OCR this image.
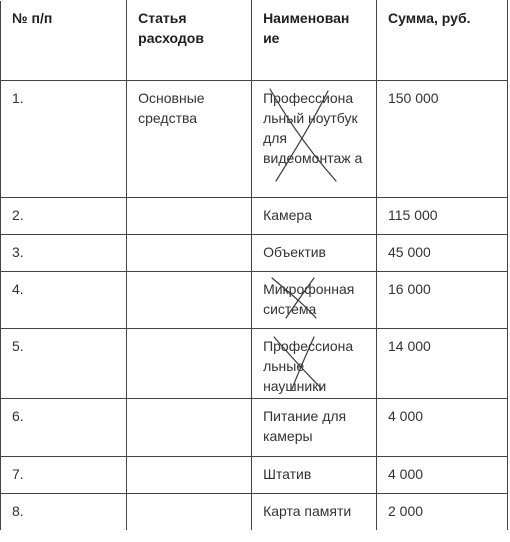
№ п/п	Статья расходов	Наименован ие	Сумма, руб.
1.	Основные средства	Профессиона льный ноутбук для видеомонтаж а	150 000
2.		Камера	115 000
3.		Объектив	45 000
4.		Микрофонная система	16 000
5.		Профессиона льные наушники	14 000
6.		Питание для камеры	4 000
7.		Штатив	4 000
8.		Карта памяти	2 000
